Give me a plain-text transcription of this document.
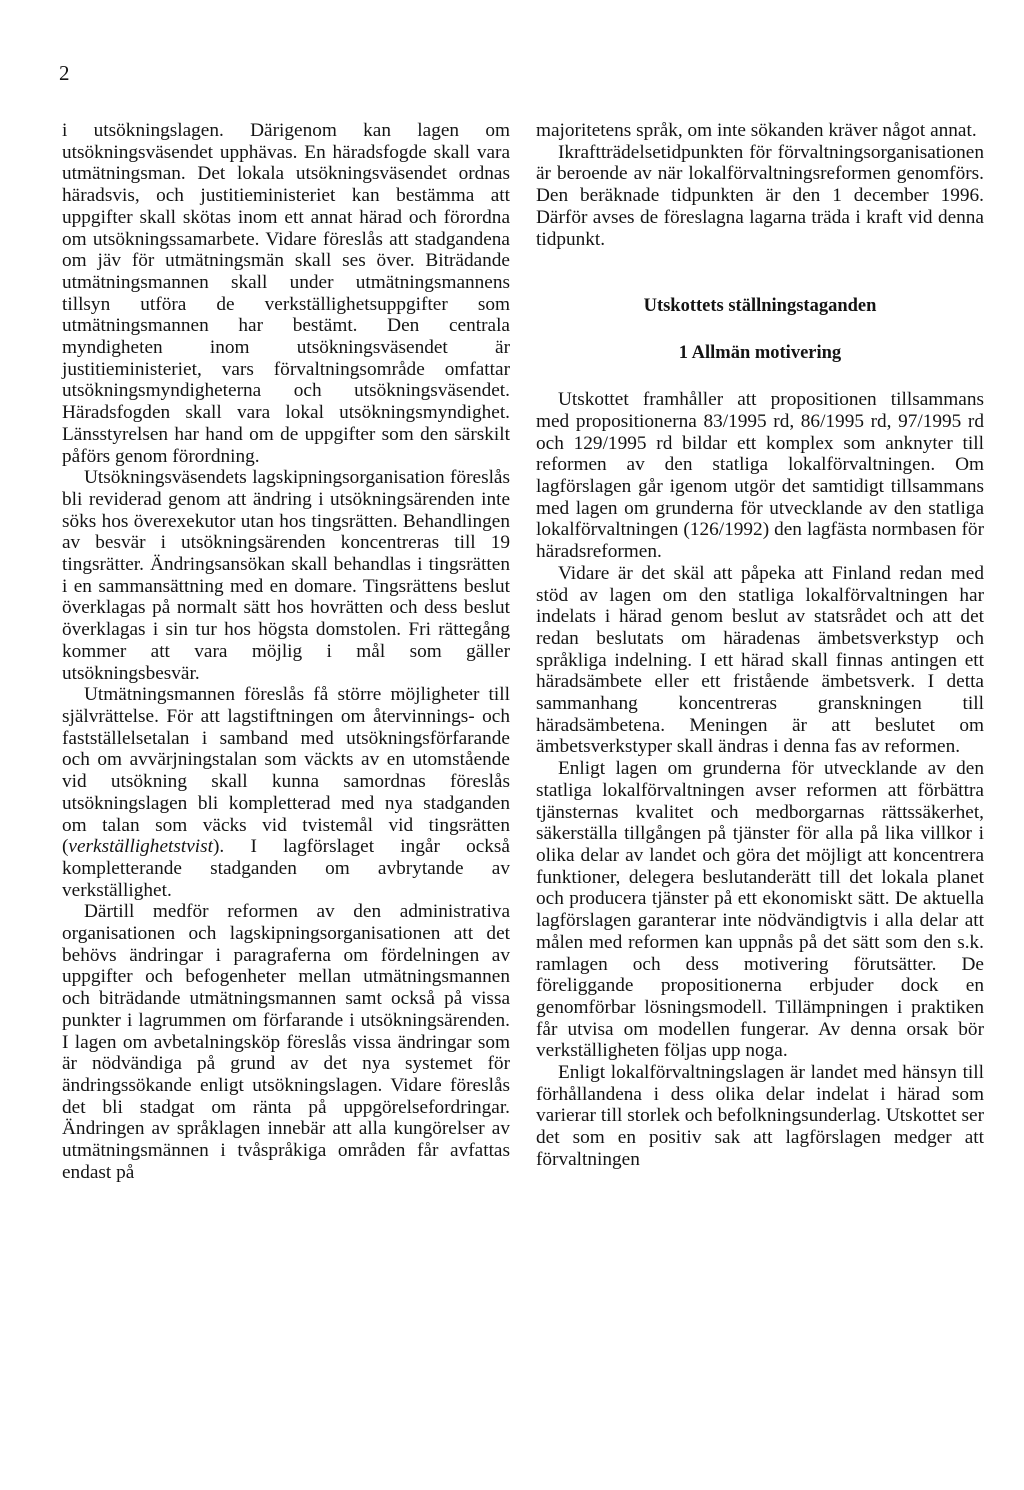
2

i utsökningslagen. Därigenom kan lagen om utsökningsväsendet upphävas. En häradsfogde skall vara utmätningsman. Det lokala utsökningsväsendet ordnas häradsvis, och justitieministeriet kan bestämma att uppgifter skall skötas inom ett annat härad och förordna om utsökningssamarbete. Vidare föreslås att stadgandena om jäv för utmätningsmän skall ses över. Biträdande utmätningsmannen skall under utmätningsmannens tillsyn utföra de verkställighetsuppgifter som utmätningsmannen har bestämt. Den centrala myndigheten inom utsökningsväsendet är justitieministeriet, vars förvaltningsområde omfattar utsökningsmyndigheterna och utsökningsväsendet. Häradsfogden skall vara lokal utsökningsmyndighet. Länsstyrelsen har hand om de uppgifter som den särskilt påförs genom förordning.

Utsökningsväsendets lagskipningsorganisation föreslås bli reviderad genom att ändring i utsökningsärenden inte söks hos överexekutor utan hos tingsrätten. Behandlingen av besvär i utsökningsärenden koncentreras till 19 tingsrätter. Ändringsansökan skall behandlas i tingsrätten i en sammansättning med en domare. Tingsrättens beslut överklagas på normalt sätt hos hovrätten och dess beslut överklagas i sin tur hos högsta domstolen. Fri rättegång kommer att vara möjlig i mål som gäller utsökningsbesvär.

Utmätningsmannen föreslås få större möjligheter till självrättelse. För att lagstiftningen om återvinnings- och fastställelsetalan i samband med utsökningsförfarande och om avvärjningstalan som väckts av en utomstående vid utsökning skall kunna samordnas föreslås utsökningslagen bli kompletterad med nya stadganden om talan som väcks vid tvistemål vid tingsrätten (verkställighetstvist). I lagförslaget ingår också kompletterande stadganden om avbrytande av verkställighet.

Därtill medför reformen av den administrativa organisationen och lagskipningsorganisationen att det behövs ändringar i paragraferna om fördelningen av uppgifter och befogenheter mellan utmätningsmannen och biträdande utmätningsmannen samt också på vissa punkter i lagrummen om förfarande i utsökningsärenden. I lagen om avbetalningsköp föreslås vissa ändringar som är nödvändiga på grund av det nya systemet för ändringssökande enligt utsökningslagen. Vidare föreslås det bli stadgat om ränta på uppgörelsefordringar. Ändringen av språklagen innebär att alla kungörelser av utmätningsmännen i tvåspråkiga områden får avfattas endast på

majoritetens språk, om inte sökanden kräver något annat.

Ikraftträdelsetidpunkten för förvaltningsorganisationen är beroende av när lokalförvaltningsreformen genomförs. Den beräknade tidpunkten är den 1 december 1996. Därför avses de föreslagna lagarna träda i kraft vid denna tidpunkt.

Utskottets ställningstaganden
1 Allmän motivering

Utskottet framhåller att propositionen tillsammans med propositionerna 83/1995 rd, 86/1995 rd, 97/1995 rd och 129/1995 rd bildar ett komplex som anknyter till reformen av den statliga lokalförvaltningen. Om lagförslagen går igenom utgör det samtidigt tillsammans med lagen om grunderna för utvecklande av den statliga lokalförvaltningen (126/1992) den lagfästa normbasen för häradsreformen.

Vidare är det skäl att påpeka att Finland redan med stöd av lagen om den statliga lokalförvaltningen har indelats i härad genom beslut av statsrådet och att det redan beslutats om häradenas ämbetsverkstyp och språkliga indelning. I ett härad skall finnas antingen ett häradsämbete eller ett fristående ämbetsverk. I detta sammanhang koncentreras granskningen till häradsämbetena. Meningen är att beslutet om ämbetsverkstyper skall ändras i denna fas av reformen.

Enligt lagen om grunderna för utvecklande av den statliga lokalförvaltningen avser reformen att förbättra tjänsternas kvalitet och medborgarnas rättssäkerhet, säkerställa tillgången på tjänster för alla på lika villkor i olika delar av landet och göra det möjligt att koncentrera funktioner, delegera beslutanderätt till det lokala planet och producera tjänster på ett ekonomiskt sätt. De aktuella lagförslagen garanterar inte nödvändigtvis i alla delar att målen med reformen kan uppnås på det sätt som den s.k. ramlagen och dess motivering förutsätter. De föreliggande propositionerna erbjuder dock en genomförbar lösningsmodell. Tillämpningen i praktiken får utvisa om modellen fungerar. Av denna orsak bör verkställigheten följas upp noga.

Enligt lokalförvaltningslagen är landet med hänsyn till förhållandena i dess olika delar indelat i härad som varierar till storlek och befolkningsunderlag. Utskottet ser det som en positiv sak att lagförslagen medger att förvaltningen
